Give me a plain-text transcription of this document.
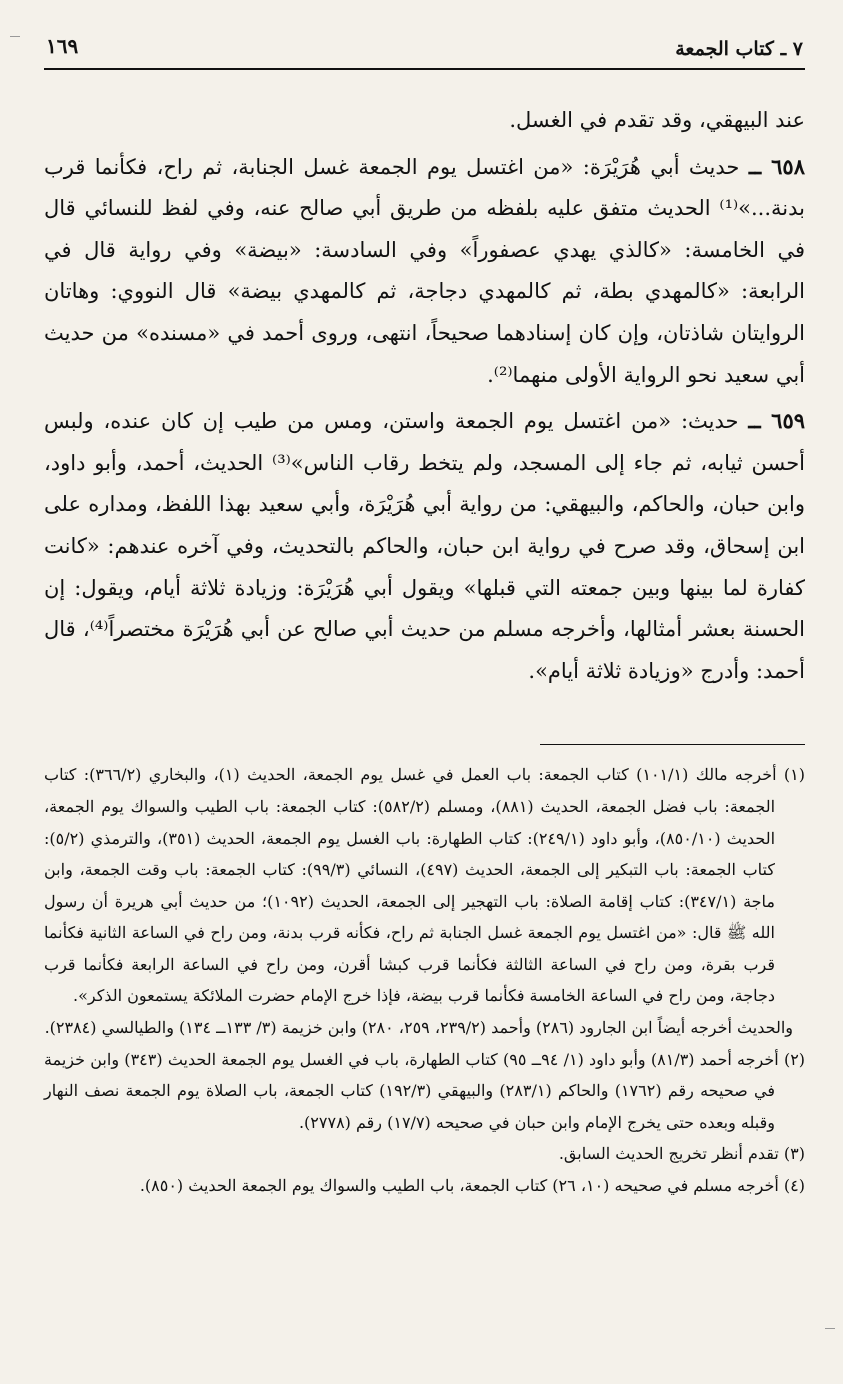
٧ ـ كتاب الجمعة
١٦٩

عند البيهقي، وقد تقدم في الغسل.

٦٥٨ ــ حديث أبي هُرَيْرَة: «من اغتسل يوم الجمعة غسل الجنابة، ثم راح، فكأنما قرب بدنة...»⁽¹⁾ الحديث متفق عليه بلفظه من طريق أبي صالح عنه، وفي لفظ للنسائي قال في الخامسة: «كالذي يهدي عصفوراً» وفي السادسة: «بيضة» وفي رواية قال في الرابعة: «كالمهدي بطة، ثم كالمهدي دجاجة، ثم كالمهدي بيضة» قال النووي: وهاتان الروايتان شاذتان، وإن كان إسنادهما صحيحاً، انتهى، وروى أحمد في «مسنده» من حديث أبي سعيد نحو الرواية الأولى منهما⁽²⁾.

٦٥٩ ــ حديث: «من اغتسل يوم الجمعة واستن، ومس من طيب إن كان عنده، ولبس أحسن ثيابه، ثم جاء إلى المسجد، ولم يتخط رقاب الناس»⁽³⁾ الحديث، أحمد، وأبو داود، وابن حبان، والحاكم، والبيهقي: من رواية أبي هُرَيْرَة، وأبي سعيد بهذا اللفظ، ومداره على ابن إسحاق، وقد صرح في رواية ابن حبان، والحاكم بالتحديث، وفي آخره عندهم: «كانت كفارة لما بينها وبين جمعته التي قبلها» ويقول أبي هُرَيْرَة: وزيادة ثلاثة أيام، ويقول: إن الحسنة بعشر أمثالها، وأخرجه مسلم من حديث أبي صالح عن أبي هُرَيْرَة مختصراً⁽⁴⁾، قال أحمد: وأدرج «وزيادة ثلاثة أيام».

(١) أخرجه مالك (١٠١/١) كتاب الجمعة: باب العمل في غسل يوم الجمعة، الحديث (١)، والبخاري (٣٦٦/٢): كتاب الجمعة: باب فضل الجمعة، الحديث (٨٨١)، ومسلم (٥٨٢/٢): كتاب الجمعة: باب الطيب والسواك يوم الجمعة، الحديث (٨٥٠/١٠)، وأبو داود (٢٤٩/١): كتاب الطهارة: باب الغسل يوم الجمعة، الحديث (٣٥١)، والترمذي (٥/٢): كتاب الجمعة: باب التبكير إلى الجمعة، الحديث (٤٩٧)، النسائي (٩٩/٣): كتاب الجمعة: باب وقت الجمعة، وابن ماجة (٣٤٧/١): كتاب إقامة الصلاة: باب التهجير إلى الجمعة، الحديث (١٠٩٢)؛ من حديث أبي هريرة أن رسول الله ﷺ قال: «من اغتسل يوم الجمعة غسل الجنابة ثم راح، فكأنه قرب بدنة، ومن راح في الساعة الثانية فكأنما قرب بقرة، ومن راح في الساعة الثالثة فكأنما قرب كبشا أقرن، ومن راح في الساعة الرابعة فكأنما قرب دجاجة، ومن راح في الساعة الخامسة فكأنما قرب بيضة، فإذا خرج الإمام حضرت الملائكة يستمعون الذكر».

والحديث أخرجه أيضاً ابن الجارود (٢٨٦) وأحمد (٢٣٩/٢، ٢٥٩، ٢٨٠) وابن خزيمة (٣/ ١٣٣ــ ١٣٤) والطيالسي (٢٣٨٤).

(٢) أخرجه أحمد (٨١/٣) وأبو داود (١/ ٩٤ــ ٩٥) كتاب الطهارة، باب في الغسل يوم الجمعة الحديث (٣٤٣) وابن خزيمة في صحيحه رقم (١٧٦٢) والحاكم (٢٨٣/١) والبيهقي (١٩٢/٣) كتاب الجمعة، باب الصلاة يوم الجمعة نصف النهار وقبله وبعده حتى يخرج الإمام وابن حبان في صحيحه (١٧/٧) رقم (٢٧٧٨).

(٣) تقدم أنظر تخريج الحديث السابق.

(٤) أخرجه مسلم في صحيحه (١٠، ٢٦) كتاب الجمعة، باب الطيب والسواك يوم الجمعة الحديث (٨٥٠).
